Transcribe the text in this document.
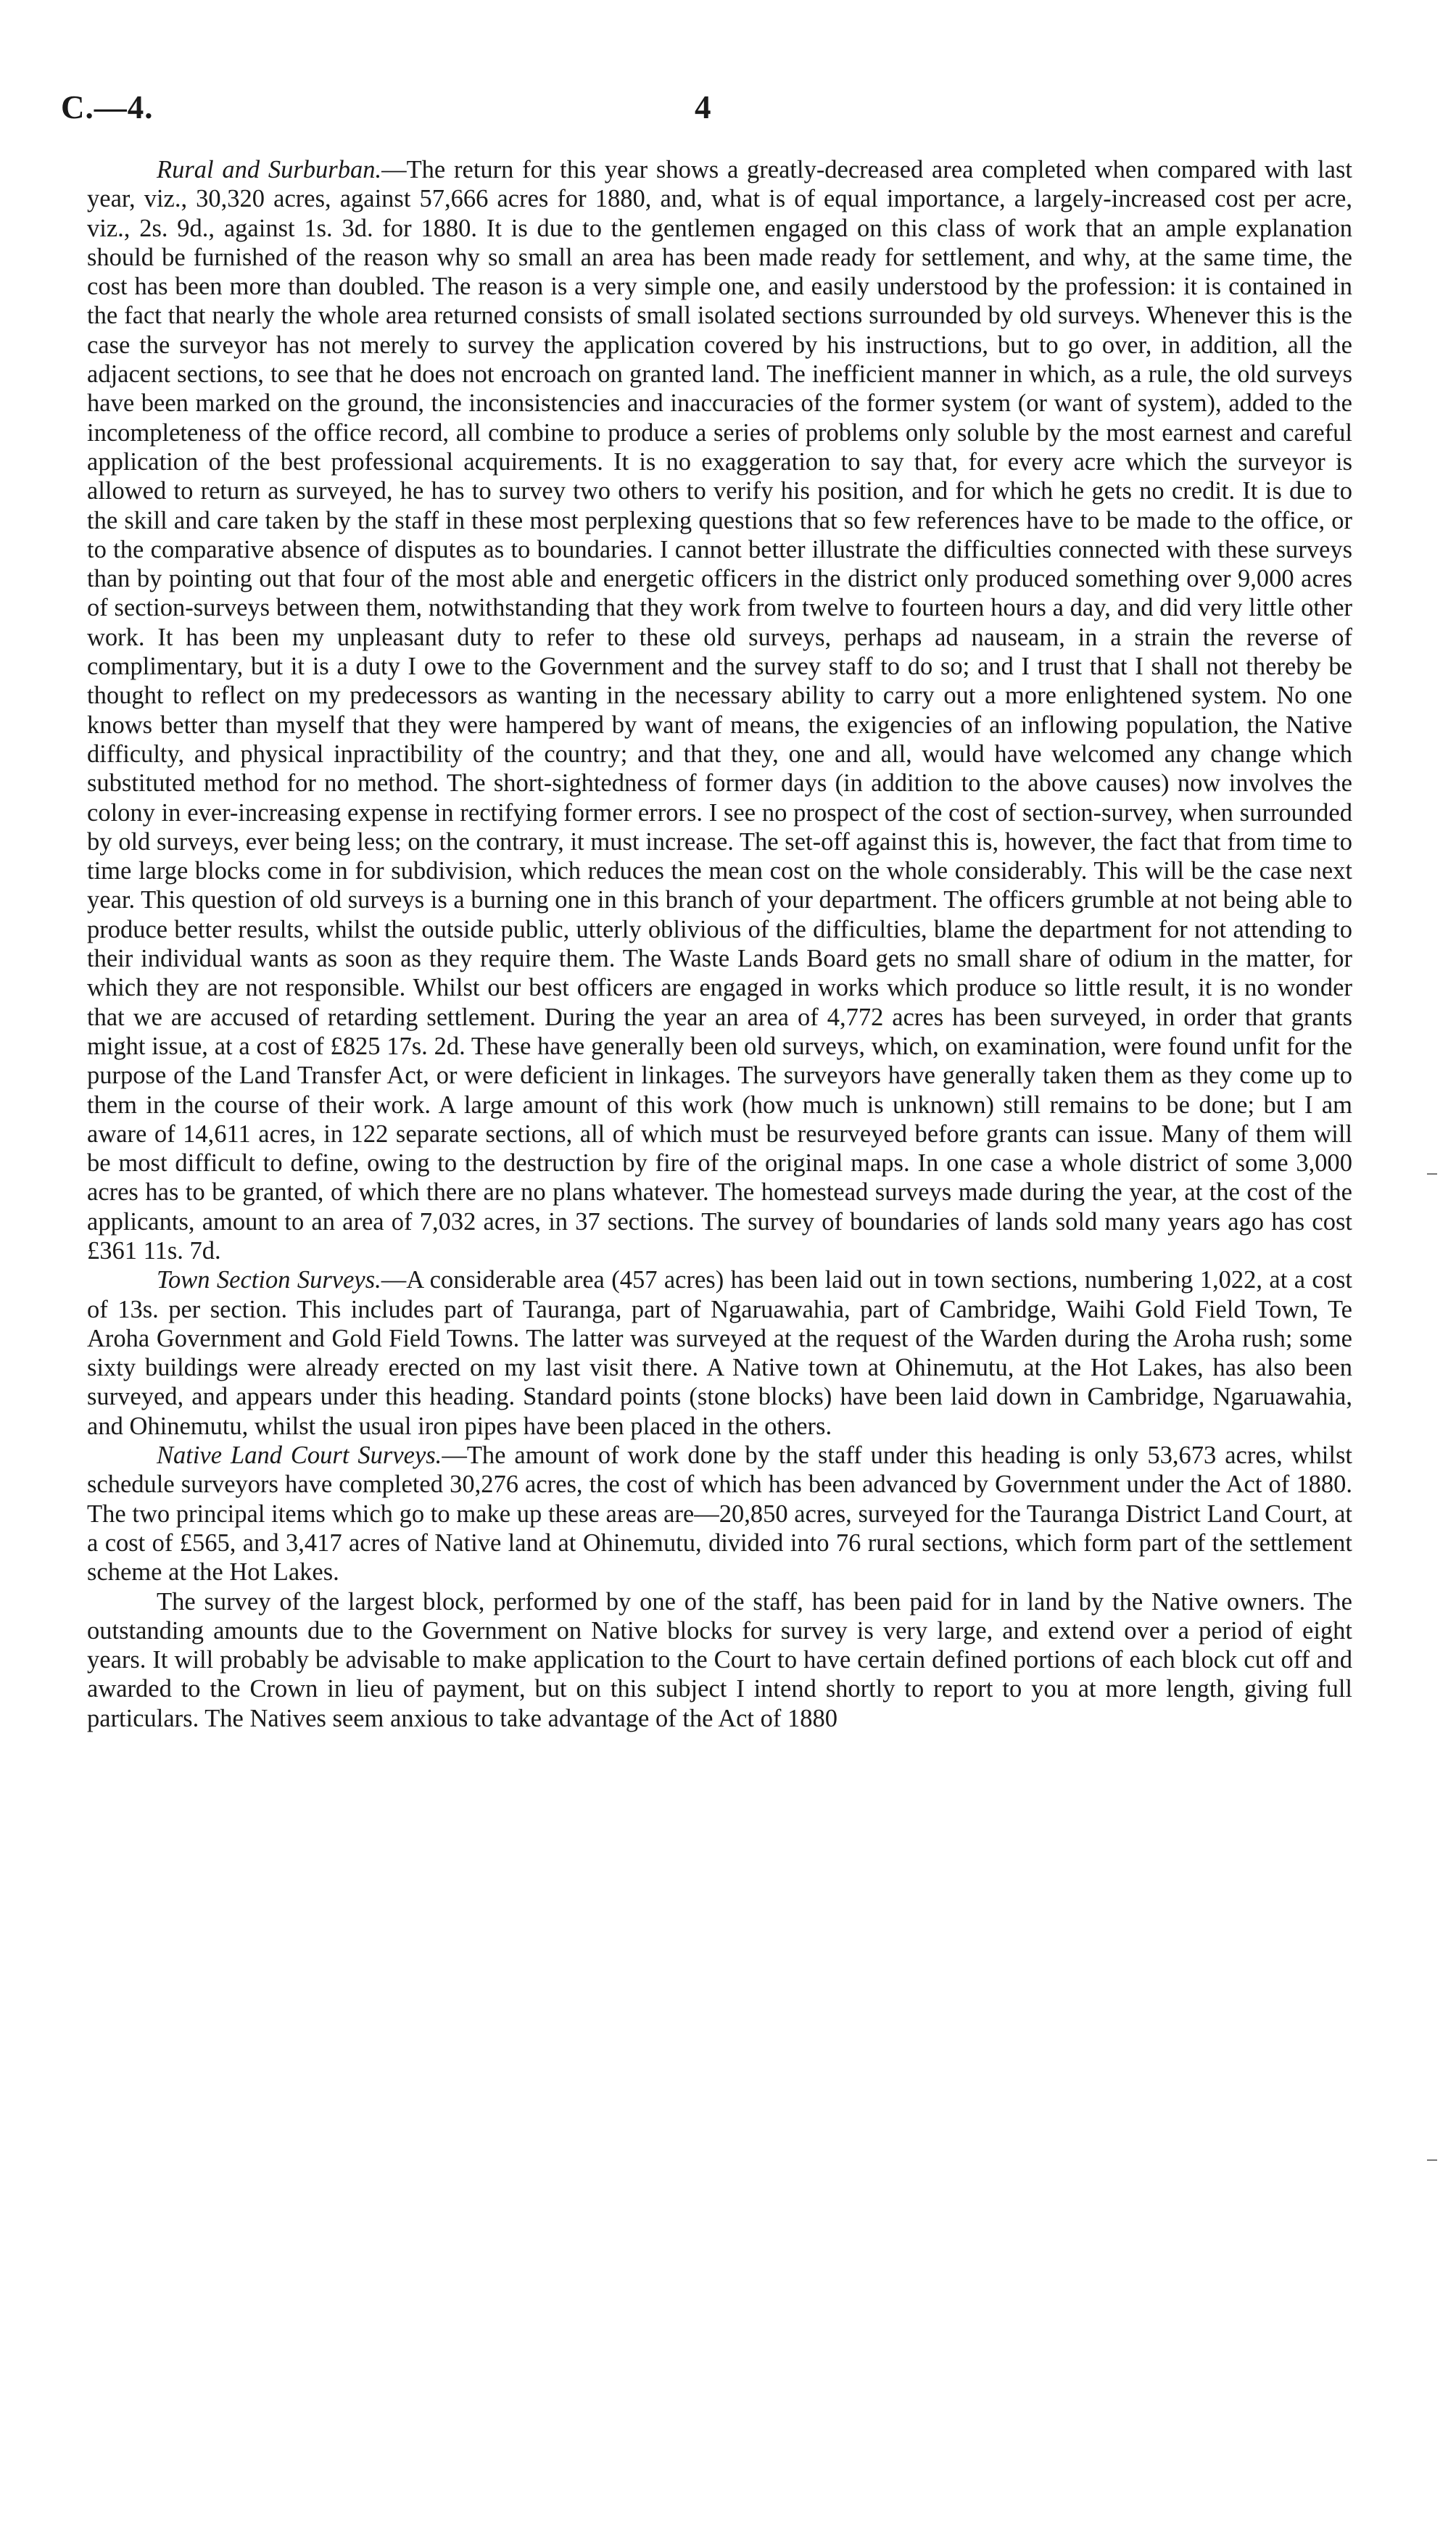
C.—4.	4

Rural and Surburban.—The return for this year shows a greatly-decreased area completed when compared with last year, viz., 30,320 acres, against 57,666 acres for 1880, and, what is of equal importance, a largely-increased cost per acre, viz., 2s. 9d., against 1s. 3d. for 1880. It is due to the gentlemen engaged on this class of work that an ample explanation should be furnished of the reason why so small an area has been made ready for settlement, and why, at the same time, the cost has been more than doubled. The reason is a very simple one, and easily understood by the profession: it is contained in the fact that nearly the whole area returned consists of small isolated sections surrounded by old surveys. Whenever this is the case the surveyor has not merely to survey the application covered by his instructions, but to go over, in addition, all the adjacent sections, to see that he does not encroach on granted land. The inefficient manner in which, as a rule, the old surveys have been marked on the ground, the inconsistencies and inaccuracies of the former system (or want of system), added to the incompleteness of the office record, all combine to produce a series of problems only soluble by the most earnest and careful application of the best professional acquirements. It is no exaggeration to say that, for every acre which the surveyor is allowed to return as surveyed, he has to survey two others to verify his position, and for which he gets no credit. It is due to the skill and care taken by the staff in these most perplexing questions that so few references have to be made to the office, or to the comparative absence of disputes as to boundaries. I cannot better illustrate the difficulties connected with these surveys than by pointing out that four of the most able and energetic officers in the district only produced something over 9,000 acres of section-surveys between them, notwithstanding that they work from twelve to fourteen hours a day, and did very little other work. It has been my unpleasant duty to refer to these old surveys, perhaps ad nauseam, in a strain the reverse of complimentary, but it is a duty I owe to the Government and the survey staff to do so; and I trust that I shall not thereby be thought to reflect on my predecessors as wanting in the necessary ability to carry out a more enlightened system. No one knows better than myself that they were hampered by want of means, the exigencies of an inflowing population, the Native difficulty, and physical inpractibility of the country; and that they, one and all, would have welcomed any change which substituted method for no method. The short-sightedness of former days (in addition to the above causes) now involves the colony in ever-increasing expense in rectifying former errors. I see no prospect of the cost of section-survey, when surrounded by old surveys, ever being less; on the contrary, it must increase. The set-off against this is, however, the fact that from time to time large blocks come in for subdivision, which reduces the mean cost on the whole considerably. This will be the case next year. This question of old surveys is a burning one in this branch of your department. The officers grumble at not being able to produce better results, whilst the outside public, utterly oblivious of the difficulties, blame the department for not attending to their individual wants as soon as they require them. The Waste Lands Board gets no small share of odium in the matter, for which they are not responsible. Whilst our best officers are engaged in works which produce so little result, it is no wonder that we are accused of retarding settlement. During the year an area of 4,772 acres has been surveyed, in order that grants might issue, at a cost of £825 17s. 2d. These have generally been old surveys, which, on examination, were found unfit for the purpose of the Land Transfer Act, or were deficient in linkages. The surveyors have generally taken them as they come up to them in the course of their work. A large amount of this work (how much is unknown) still remains to be done; but I am aware of 14,611 acres, in 122 separate sections, all of which must be resurveyed before grants can issue. Many of them will be most difficult to define, owing to the destruction by fire of the original maps. In one case a whole district of some 3,000 acres has to be granted, of which there are no plans whatever. The homestead surveys made during the year, at the cost of the applicants, amount to an area of 7,032 acres, in 37 sections. The survey of boundaries of lands sold many years ago has cost £361 11s. 7d.

Town Section Surveys.—A considerable area (457 acres) has been laid out in town sections, numbering 1,022, at a cost of 13s. per section. This includes part of Tauranga, part of Ngaruawahia, part of Cambridge, Waihi Gold Field Town, Te Aroha Government and Gold Field Towns. The latter was surveyed at the request of the Warden during the Aroha rush; some sixty buildings were already erected on my last visit there. A Native town at Ohinemutu, at the Hot Lakes, has also been surveyed, and appears under this heading. Standard points (stone blocks) have been laid down in Cambridge, Ngaruawahia, and Ohinemutu, whilst the usual iron pipes have been placed in the others.

Native Land Court Surveys.—The amount of work done by the staff under this heading is only 53,673 acres, whilst schedule surveyors have completed 30,276 acres, the cost of which has been advanced by Government under the Act of 1880. The two principal items which go to make up these areas are—20,850 acres, surveyed for the Tauranga District Land Court, at a cost of £565, and 3,417 acres of Native land at Ohinemutu, divided into 76 rural sections, which form part of the settlement scheme at the Hot Lakes.

The survey of the largest block, performed by one of the staff, has been paid for in land by the Native owners. The outstanding amounts due to the Government on Native blocks for survey is very large, and extend over a period of eight years. It will probably be advisable to make application to the Court to have certain defined portions of each block cut off and awarded to the Crown in lieu of payment, but on this subject I intend shortly to report to you at more length, giving full particulars. The Natives seem anxious to take advantage of the Act of 1880
